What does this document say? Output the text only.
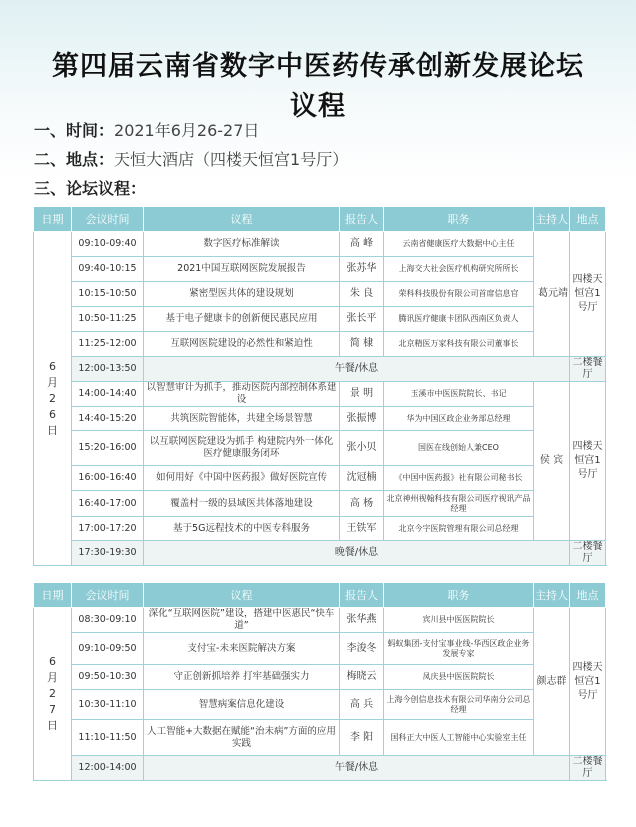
第四届云南省数字中医药传承创新发展论坛
议程
一、时间：2021年6月26-27日
二、地点：天恒大酒店（四楼天恒宫1号厅）
三、论坛议程：
日期	会议时间	议程	报告人	职务	主持人	地点
6月26日	09:10-09:40	数字医疗标准解读	高 峰	云南省健康医疗大数据中心主任	葛元靖	四楼天恒宫1号厅
	09:40-10:15	2021中国互联网医院发展报告	张苏华	上海交大社会医疗机构研究所所长		
	10:15-10:50	紧密型医共体的建设规划	朱 良	荣科科技股份有限公司首席信息官		
	10:50-11:25	基于电子健康卡的创新便民惠民应用	张长平	腾讯医疗健康卡团队西南区负责人		
	11:25-12:00	互联网医院建设的必然性和紧迫性	简 棣	北京精医万家科技有限公司董事长		
	12:00-13:50	午餐/休息				二楼餐厅
	14:00-14:40	以智慧审计为抓手，推动医院内部控制体系建设	景 明	玉溪市中医医院院长、书记	侯 宾	四楼天恒宫1号厅
	14:40-15:20	共筑医院智能体，共建全场景智慧	张振博	华为中国区政企业务部总经理		
	15:20-16:00	以互联网医院建设为抓手 构建院内外一体化医疗健康服务闭环	张小贝	国医在线创始人兼CEO		
	16:00-16:40	如何用好《中国中医药报》做好医院宣传	沈冠楠	《中国中医药报》社有限公司秘书长		
	16:40-17:00	覆盖村一级的县域医共体落地建设	高 杨	北京神州视翰科技有限公司医疗视讯产品经理		
	17:00-17:20	基于5G远程技术的中医专科服务	王铁军	北京今字医院管理有限公司总经理		
	17:30-19:30	晚餐/休息				二楼餐厅
日期	会议时间	议程	报告人	职务	主持人	地点
6月27日	08:30-09:10	深化“互联网医院”建设，搭建中医惠民“快车道”	张华燕	宾川县中医医院院长	颜志群	四楼天恒宫1号厅
	09:10-09:50	支付宝-未来医院解决方案	李浚冬	蚂蚁集团-支付宝事业线-华西区政企业务发展专家		
	09:50-10:30	守正创新抓培养 打牢基础强实力	梅晓云	凤庆县中医医院院长		
	10:30-11:10	智慧病案信息化建设	高 兵	上海今创信息技术有限公司华南分公司总经理		
	11:10-11:50	人工智能+大数据在赋能“治未病”方面的应用实践	李 阳	国科正大中医人工智能中心实验室主任		
	12:00-14:00	午餐/休息				二楼餐厅
